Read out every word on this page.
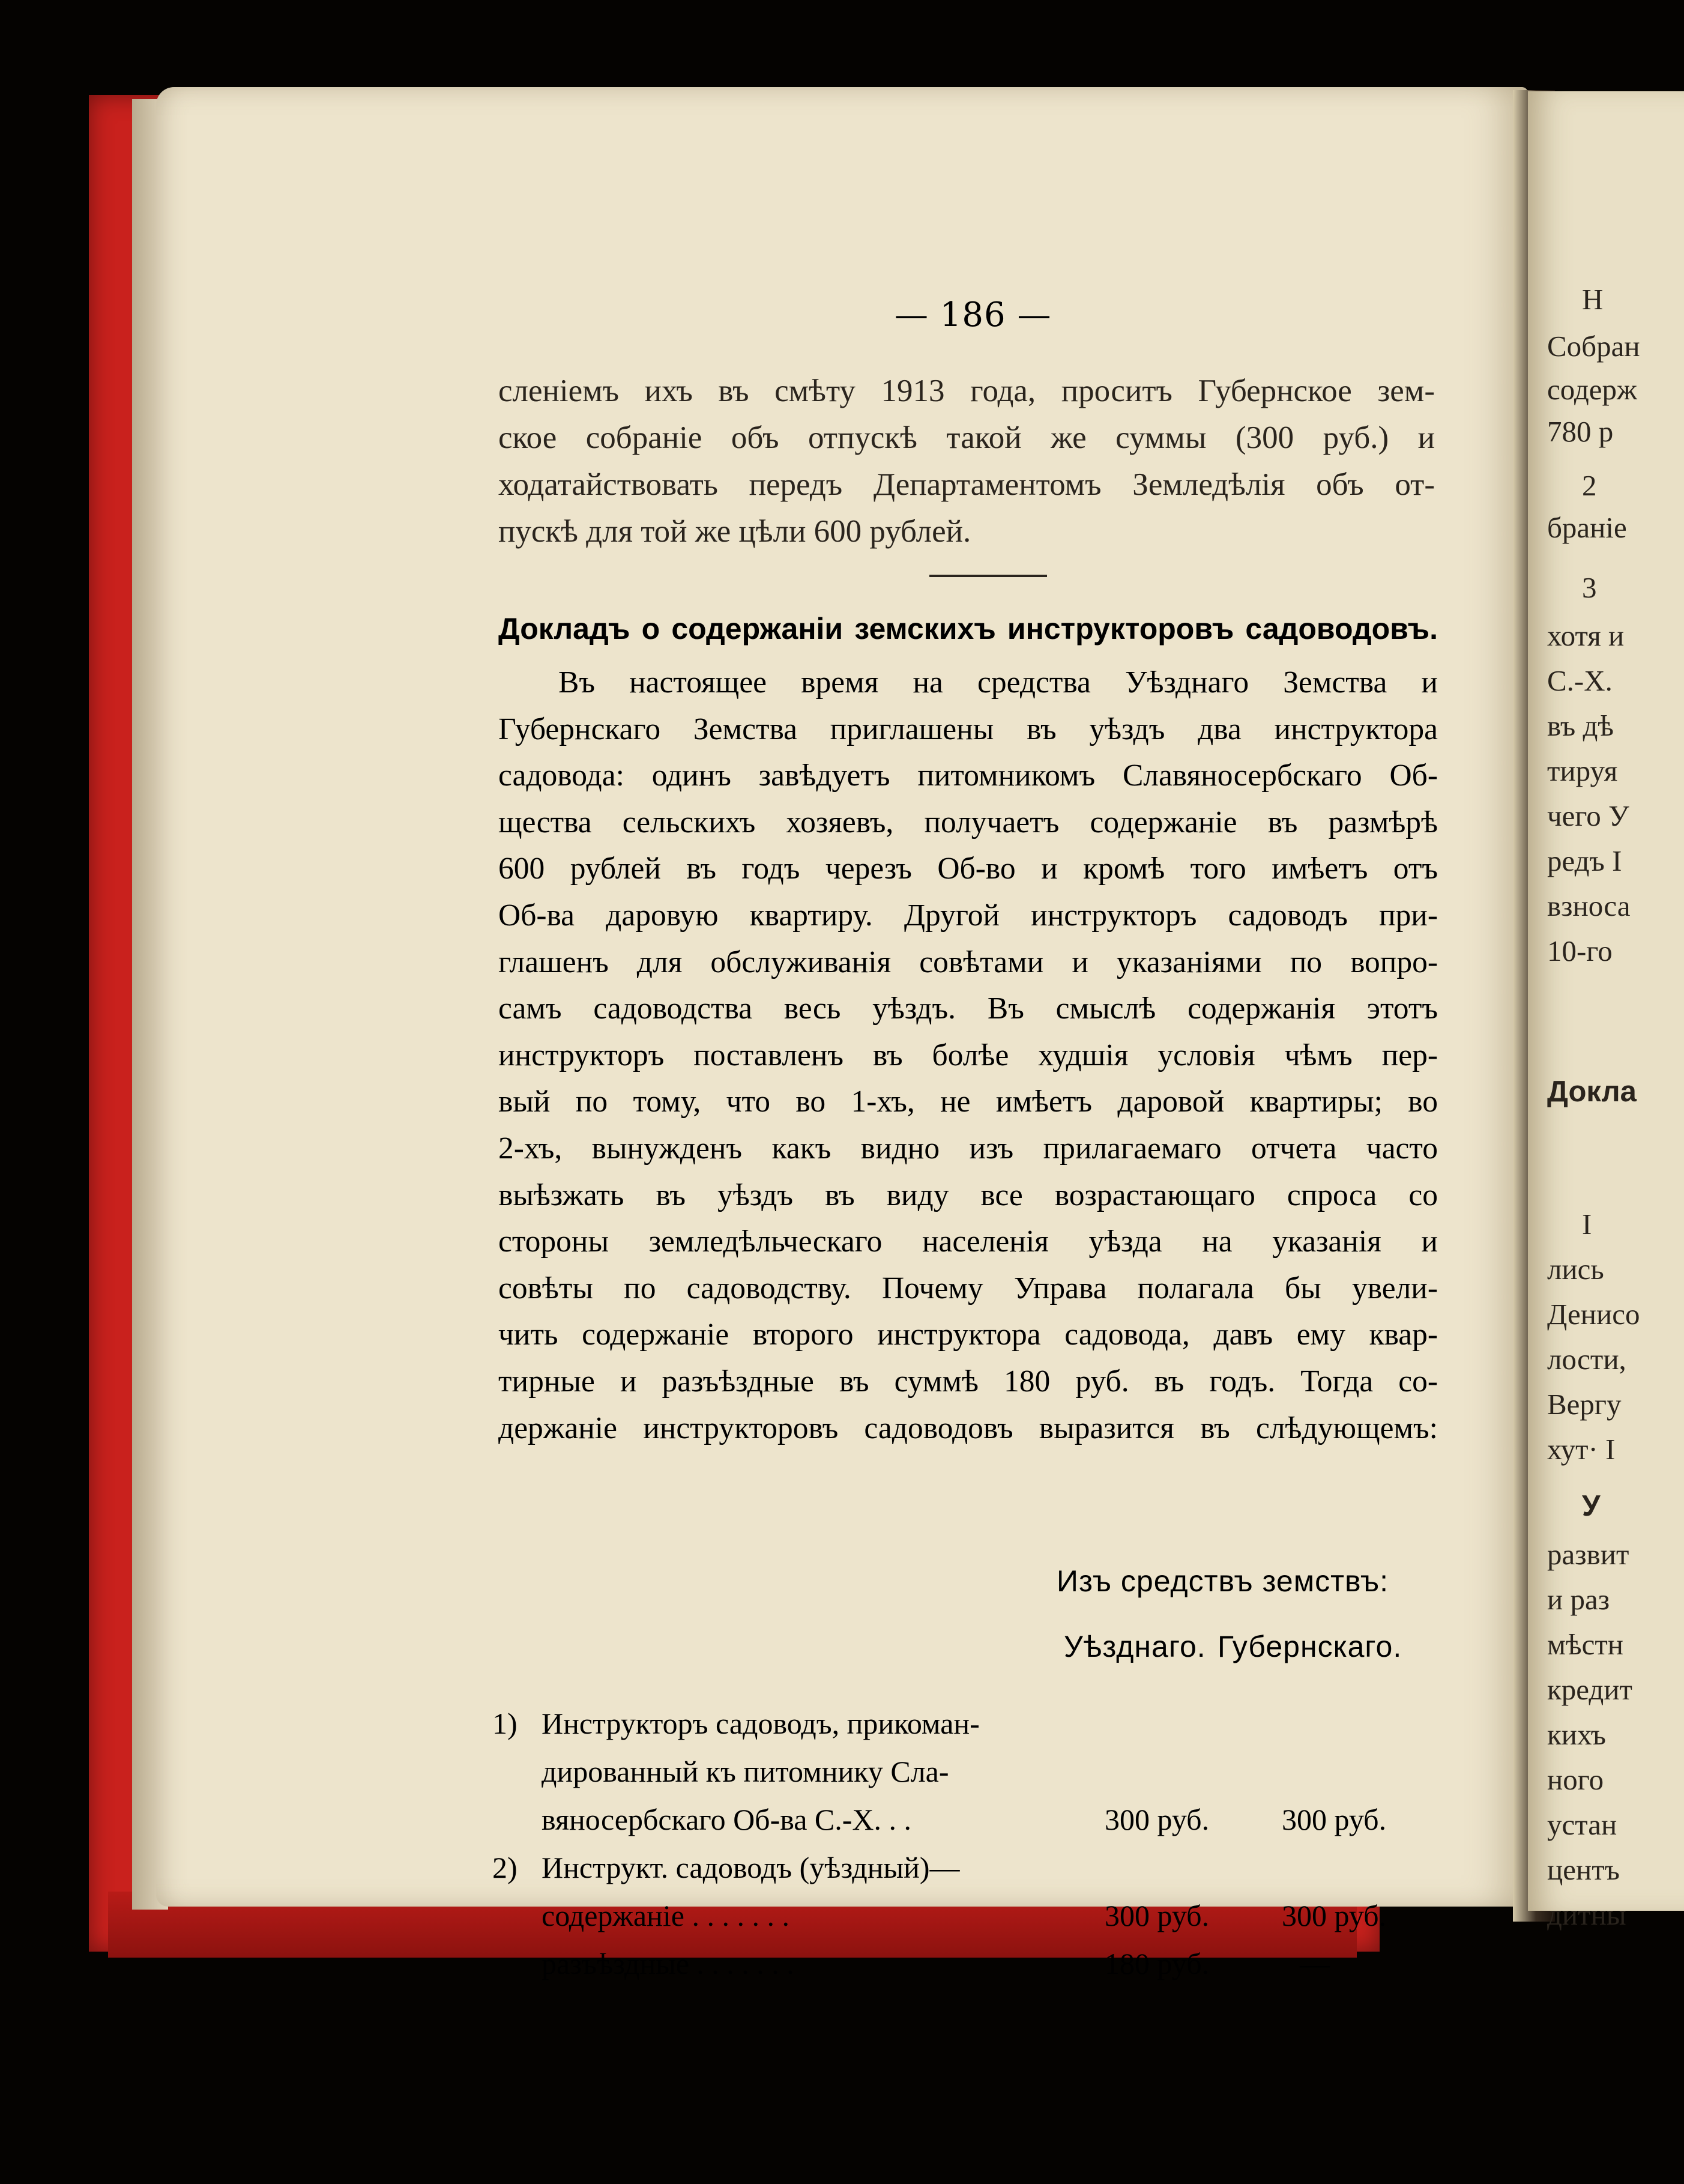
Н
Собран
содерж
780 р
2
браніе
3
хотя и
С.-Х.
въ дѣ
тируя
чего У
редъ I
взноса
10-го
Докла
I
лись
Денисо
лости,
Вергу
хут· I
У
развит
и раз
мѣстн
кредит
кихъ
ного
устан
центъ
дитны
— 186 —
сленіемъ ихъ въ смѣту 1913 года, проситъ Губернское зем-
ское собраніе объ отпускѣ такой же суммы (300 руб.) и
ходатайствовать передъ Департаментомъ Земледѣлія объ от-
пускѣ для той же цѣли 600 рублей.
Докладъ о содержаніи земскихъ инструкторовъ садоводовъ.
Въ настоящее время на средства Уѣзднаго Земства и
Губернскаго Земства приглашены въ уѣздъ два инструктора
садовода: одинъ завѣдуетъ питомникомъ Славяносербскаго Об-
щества сельскихъ хозяевъ, получаетъ содержаніе въ размѣрѣ
600 рублей въ годъ черезъ Об-во и кромѣ того имѣетъ отъ
Об-ва даровую квартиру. Другой инструкторъ садоводъ при-
глашенъ для обслуживанія совѣтами и указаніями по вопро-
самъ садоводства весь уѣздъ. Въ смыслѣ содержанія этотъ
инструкторъ поставленъ въ болѣе худшія условія чѣмъ пер-
вый по тому, что во 1-хъ, не имѣетъ даровой квартиры; во
2-хъ, вынужденъ какъ видно изъ прилагаемаго отчета часто
выѣзжать въ уѣздъ въ виду все возрастающаго спроса со
стороны земледѣльческаго населенія уѣзда на указанія и
совѣты по садоводству. Почему Управа полагала бы увели-
чить содержаніе второго инструктора садовода, давъ ему квар-
тирные и разъѣздные въ суммѣ 180 руб. въ годъ. Тогда со-
держаніе инструкторовъ садоводовъ выразится въ слѣдующемъ:
Изъ средствъ земствъ:
Уѣзднаго. Губернскаго.
1) Инструкторъ садоводъ, прикоман-
дированный къ питомнику Сла-
вяносербскаго Об-ва С.-Х. . .	300 руб. 300 руб.
2) Инструкт. садоводъ (уѣздный)—
содержаніе . . . . . . .	300 руб. 300 руб.
разъѣздные . . . . . . .	180 руб.	—
